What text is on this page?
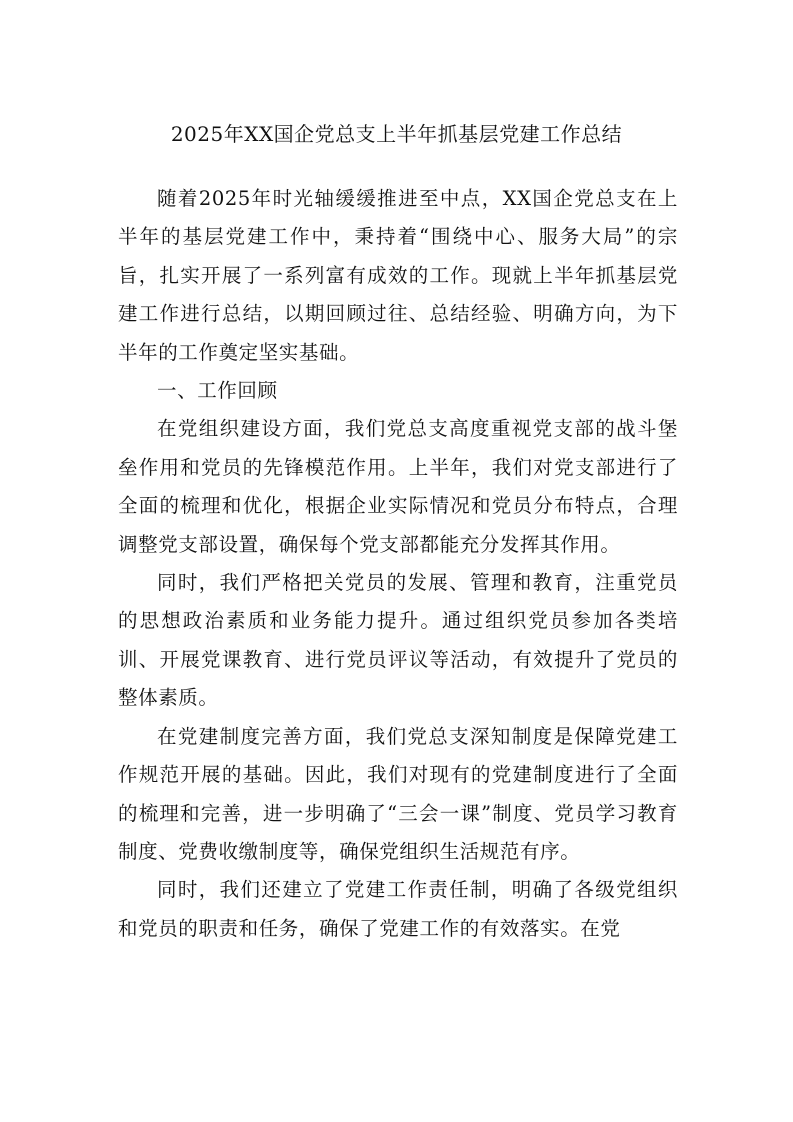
2025年XX国企党总支上半年抓基层党建工作总结

随着2025年时光轴缓缓推进至中点，XX国企党总支在上半年的基层党建工作中，秉持着“围绕中心、服务大局”的宗旨，扎实开展了一系列富有成效的工作。现就上半年抓基层党建工作进行总结，以期回顾过往、总结经验、明确方向，为下半年的工作奠定坚实基础。

一、工作回顾

在党组织建设方面，我们党总支高度重视党支部的战斗堡垒作用和党员的先锋模范作用。上半年，我们对党支部进行了全面的梳理和优化，根据企业实际情况和党员分布特点，合理调整党支部设置，确保每个党支部都能充分发挥其作用。

同时，我们严格把关党员的发展、管理和教育，注重党员的思想政治素质和业务能力提升。通过组织党员参加各类培训、开展党课教育、进行党员评议等活动，有效提升了党员的整体素质。

在党建制度完善方面，我们党总支深知制度是保障党建工作规范开展的基础。因此，我们对现有的党建制度进行了全面的梳理和完善，进一步明确了“三会一课”制度、党员学习教育制度、党费收缴制度等，确保党组织生活规范有序。

同时，我们还建立了党建工作责任制，明确了各级党组织和党员的职责和任务，确保了党建工作的有效落实。在党
